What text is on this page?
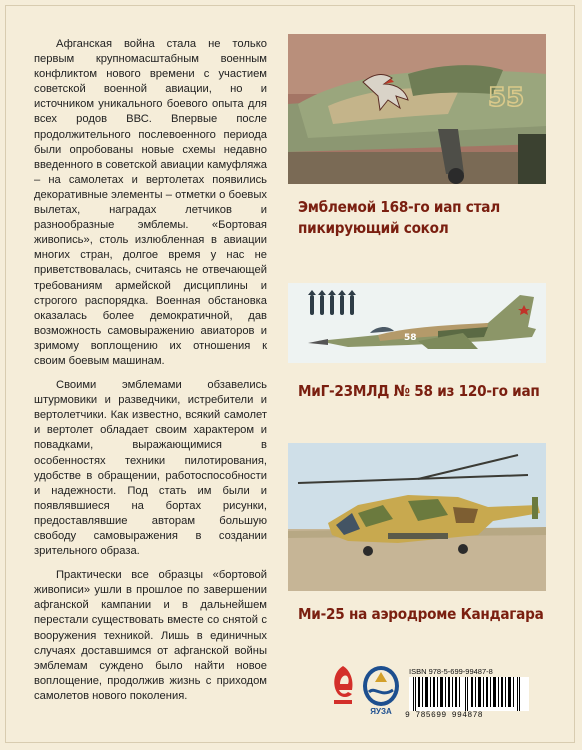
Афганская война стала не только первым крупномасштабным военным конфликтом нового времени с участием советской военной авиации, но и источником уникального боевого опыта для всех родов ВВС. Впервые после продолжительного послевоенного периода были опробованы новые схемы недавно введенного в советской авиации камуфляжа – на самолетах и вертолетах появились декоративные элементы – отметки о боевых вылетах, наградах летчиков и разнообразные эмблемы. «Бортовая живопись», столь излюбленная в авиации многих стран, долгое время у нас не приветствовалась, считаясь не отвечающей требованиям армейской дисциплины и строгого распорядка. Военная обстановка оказалась более демократичной, дав возможность самовыражению авиаторов и зримому воплощению их отношения к своим боевым машинам.

Своими эмблемами обзавелись штурмовики и разведчики, истребители и вертолетчики. Как известно, всякий самолет и вертолет обладает своим характером и повадками, выражающимися в особенностях техники пилотирования, удобстве в обращении, работоспособности и надежности. Под стать им были и появлявшиеся на бортах рисунки, предоставлявшие авторам большую свободу самовыражения в создании зрительного образа.

Практически все образцы «бортовой живописи» ушли в прошлое по завершении афганской кампании и в дальнейшем перестали существовать вместе со снятой с вооружения техникой. Лишь в единичных случаях доставшимся от афганской войны эмблемам суждено было найти новое воплощение, продолжив жизнь с приходом самолетов нового поколения.

55
Эмблемой 168-го иап стал пикирующий сокол
58
МиГ-23МЛД № 58 из 120-го иап
Ми-25 на аэродроме Кандагара
ЯУЗА
ISBN 978-5-699-99487-8
9 785699 994878
